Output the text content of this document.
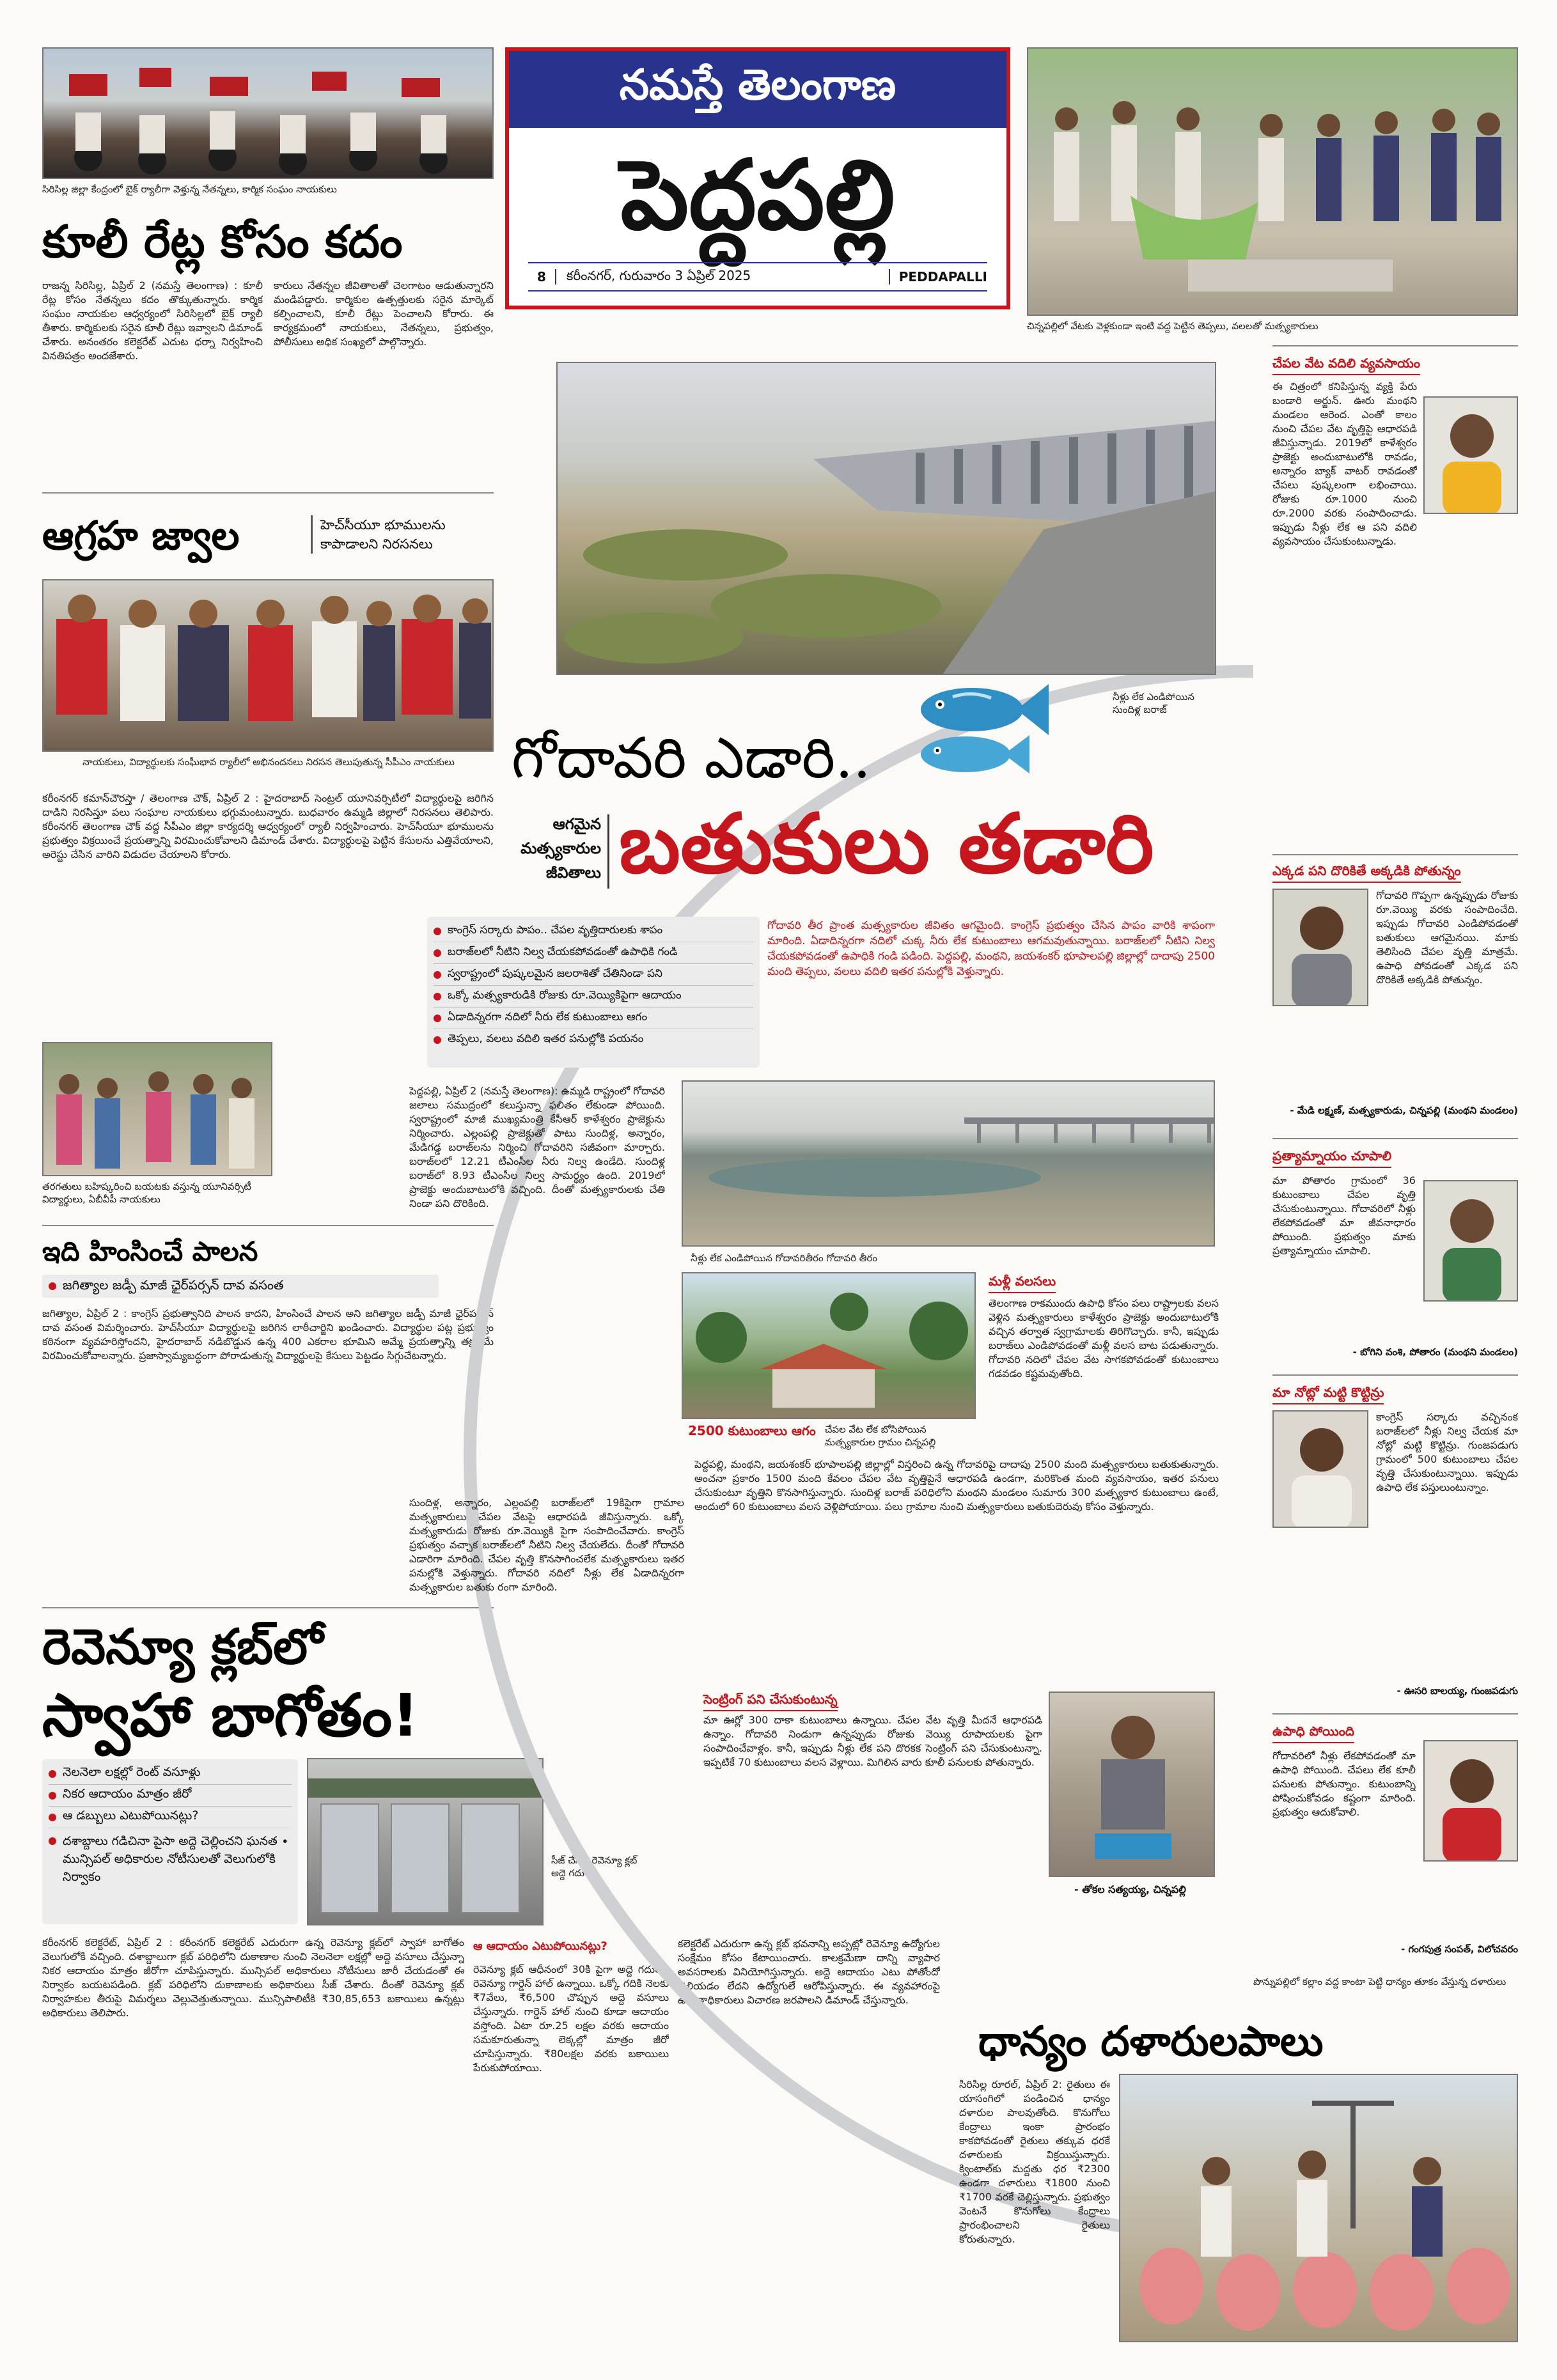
నమస్తే తెలంగాణ
పెద్దపల్లి
8	కరీంనగర్, గురువారం 3 ఏప్రిల్ 2025	PEDDAPALLI
సిరిసిల్ల జిల్లా కేంద్రంలో బైక్ ర్యాలీగా వెళ్తున్న నేతన్నలు, కార్మిక సంఘం నాయకులు
కూలీ రేట్ల కోసం కదం
రాజన్న సిరిసిల్ల, ఏప్రిల్ 2 (నమస్తే తెలంగాణ) : కూలీ రేట్ల కోసం నేతన్నలు కదం తొక్కుతున్నారు. కార్మిక సంఘం నాయకుల ఆధ్వర్యంలో సిరిసిల్లలో బైక్ ర్యాలీ తీశారు. కార్మికులకు సరైన కూలీ రేట్లు ఇవ్వాలని డిమాండ్ చేశారు. అనంతరం కలెక్టరేట్ ఎదుట ధర్నా నిర్వహించి వినతిపత్రం అందజేశారు.
కారులు నేతన్నల జీవితాలతో చెలగాటం ఆడుతున్నారని మండిపడ్డారు. కార్మికుల ఉత్పత్తులకు సరైన మార్కెట్ కల్పించాలని, కూలీ రేట్లు పెంచాలని కోరారు. ఈ కార్యక్రమంలో నాయకులు, నేతన్నలు, ప్రభుత్వం, పోలీసులు అధిక సంఖ్యలో పాల్గొన్నారు.
ఆగ్రహ జ్వాల	హెచ్‌సీయూ భూములను కాపాడాలని నిరసనలు
నాయకులు, విద్యార్థులకు సంఘీభావ ర్యాలీలో అభినందనలు నిరసన తెలుపుతున్న సీపీఎం నాయకులు
కరీంనగర్ కమాన్‌చౌరస్తా / తెలంగాణ చౌక్, ఏప్రిల్ 2 : హైదరాబాద్ సెంట్రల్ యూనివర్సిటీలో విద్యార్థులపై జరిగిన దాడిని నిరసిస్తూ పలు సంఘాల నాయకులు భగ్గుమంటున్నారు. బుధవారం ఉమ్మడి జిల్లాలో నిరసనలు తెలిపారు. కరీంనగర్ తెలంగాణ చౌక్ వద్ద సీపీఎం జిల్లా కార్యదర్శి ఆధ్వర్యంలో ర్యాలీ నిర్వహించారు. హెచ్‌సీయూ భూములను ప్రభుత్వం విక్రయించే ప్రయత్నాన్ని విరమించుకోవాలని డిమాండ్ చేశారు. విద్యార్థులపై పెట్టిన కేసులను ఎత్తివేయాలని, అరెస్టు చేసిన వారిని విడుదల చేయాలని కోరారు.
తరగతులు బహిష్కరించి బయటకు వస్తున్న యూనివర్సిటీ విద్యార్థులు, ఏబీవీపీ నాయకులు
ఇది హింసించే పాలన
జగిత్యాల జడ్పీ మాజీ ఛైర్‌పర్సన్ దావ వసంత
జగిత్యాల, ఏప్రిల్ 2 : కాంగ్రెస్ ప్రభుత్వానిది పాలన కాదని, హింసించే పాలన అని జగిత్యాల జడ్పీ మాజీ ఛైర్‌పర్సన్ దావ వసంత విమర్శించారు. హెచ్‌సీయూ విద్యార్థులపై జరిగిన లాఠీచార్జిని ఖండించారు. విద్యార్థుల పట్ల ప్రభుత్వం కఠినంగా వ్యవహరిస్తోందని, హైదరాబాద్ నడిబొడ్డున ఉన్న 400 ఎకరాల భూమిని అమ్మే ప్రయత్నాన్ని తక్షణమే విరమించుకోవాలన్నారు. ప్రజాస్వామ్యబద్ధంగా పోరాడుతున్న విద్యార్థులపై కేసులు పెట్టడం సిగ్గుచేటన్నారు.
రెవెన్యూ క్లబ్‌లో
స్వాహా బాగోతం!
నెలనెలా లక్షల్లో రెంట్ వసూళ్లు
నికర ఆదాయం మాత్రం జీరో
ఆ డబ్బులు ఎటుపోయినట్లు?
దశాబ్దాలు గడిచినా పైసా అద్దె చెల్లించని ఘనత ∙ మున్సిపల్ అధికారుల నోటీసులతో వెలుగులోకి నిర్వాకం
సీజ్ చేసిన రెవెన్యూ క్లబ్ అద్దె గదులు
కరీంనగర్ కలెక్టరేట్, ఏప్రిల్ 2 : కరీంనగర్ కలెక్టరేట్ ఎదురుగా ఉన్న రెవెన్యూ క్లబ్‌లో స్వాహా బాగోతం వెలుగులోకి వచ్చింది. దశాబ్దాలుగా క్లబ్ పరిధిలోని దుకాణాల నుంచి నెలనెలా లక్షల్లో అద్దె వసూలు చేస్తున్నా నికర ఆదాయం మాత్రం జీరోగా చూపిస్తున్నారు. మున్సిపల్ అధికారులు నోటీసులు జారీ చేయడంతో ఈ నిర్వాకం బయటపడింది. క్లబ్ పరిధిలోని దుకాణాలకు అధికారులు సీజ్ చేశారు. దీంతో రెవెన్యూ క్లబ్ నిర్వాహకుల తీరుపై విమర్శలు వెల్లువెత్తుతున్నాయి. మున్సిపాలిటీకి ₹30,85,653 బకాయిలు ఉన్నట్లు అధికారులు తెలిపారు.
ఆ ఆదాయం ఎటుపోయినట్లు?
రెవెన్యూ క్లబ్ ఆధీనంలో 30కి పైగా అద్దె గదులు, రెవెన్యూ గార్డెన్ హాల్ ఉన్నాయి. ఒక్కో గదికి నెలకు ₹7వేలు, ₹6,500 చొప్పున అద్దె వసూలు చేస్తున్నారు. గార్డెన్ హాల్ నుంచి కూడా ఆదాయం వస్తోంది. ఏటా రూ.25 లక్షల వరకు ఆదాయం సమకూరుతున్నా లెక్కల్లో మాత్రం జీరో చూపిస్తున్నారు. ₹80లక్షల వరకు బకాయిలు పేరుకుపోయాయి.
కలెక్టరేట్ ఎదురుగా ఉన్న క్లబ్ భవనాన్ని అప్పట్లో రెవెన్యూ ఉద్యోగుల సంక్షేమం కోసం కేటాయించారు. కాలక్రమేణా దాన్ని వ్యాపార అవసరాలకు వినియోగిస్తున్నారు. అద్దె ఆదాయం ఎటు పోతోందో తెలియడం లేదని ఉద్యోగులే ఆరోపిస్తున్నారు. ఈ వ్యవహారంపై ఉన్నతాధికారులు విచారణ జరపాలని డిమాండ్ చేస్తున్నారు.
నీళ్లు లేక ఎండిపోయిన సుందిళ్ల బరాజ్
గోదావరి ఎడారి..
ఆగమైన
మత్స్యకారుల
జీవితాలు బతుకులు తడారి
కాంగ్రెస్ సర్కారు పాపం.. చేపల వృత్తిదారులకు శాపం
బరాజ్‌లలో నీటిని నిల్వ చేయకపోవడంతో ఉపాధికి గండి
స్వరాష్ట్రంలో పుష్కలమైన జలరాశితో చేతినిండా పని
ఒక్కో మత్స్యకారుడికి రోజుకు రూ.వెయ్యికిపైగా ఆదాయం
ఏడాదిన్నరగా నదిలో నీరు లేక కుటుంబాలు ఆగం
తెప్పలు, వలలు వదిలి ఇతర పనుల్లోకి పయనం
గోదావరి తీర ప్రాంత మత్స్యకారుల జీవితం ఆగమైంది. కాంగ్రెస్ ప్రభుత్వం చేసిన పాపం వారికి శాపంగా మారింది. ఏడాదిన్నరగా నదిలో చుక్క నీరు లేక కుటుంబాలు ఆగమవుతున్నాయి. బరాజ్‌లలో నీటిని నిల్వ చేయకపోవడంతో ఉపాధికి గండి పడింది. పెద్దపల్లి, మంథని, జయశంకర్ భూపాలపల్లి జిల్లాల్లో దాదాపు 2500 మంది తెప్పలు, వలలు వదిలి ఇతర పనుల్లోకి వెళ్తున్నారు.
పెద్దపల్లి, ఏప్రిల్ 2 (నమస్తే తెలంగాణ): ఉమ్మడి రాష్ట్రంలో గోదావరి జలాలు సముద్రంలో కలుస్తున్నా ఫలితం లేకుండా పోయింది. స్వరాష్ట్రంలో మాజీ ముఖ్యమంత్రి కేసీఆర్ కాళేశ్వరం ప్రాజెక్టును నిర్మించారు. ఎల్లంపల్లి ప్రాజెక్టుతో పాటు సుందిళ్ల, అన్నారం, మేడిగడ్డ బరాజ్‌లను నిర్మించి గోదావరిని సజీవంగా మార్చారు. బరాజ్‌లలో 12.21 టీఎంసీల నీరు నిల్వ ఉండేది. సుందిళ్ల బరాజ్‌లో 8.93 టీఎంసీల నిల్వ సామర్థ్యం ఉంది. 2019లో ప్రాజెక్టు అందుబాటులోకి వచ్చింది. దీంతో మత్స్యకారులకు చేతి నిండా పని దొరికింది.
సుందిళ్ల, అన్నారం, ఎల్లంపల్లి బరాజ్‌లలో 19కిపైగా గ్రామాల మత్స్యకారులు చేపల వేటపై ఆధారపడి జీవిస్తున్నారు. ఒక్కో మత్స్యకారుడు రోజుకు రూ.వెయ్యికి పైగా సంపాదించేవారు. కాంగ్రెస్ ప్రభుత్వం వచ్చాక బరాజ్‌లలో నీటిని నిల్వ చేయలేదు. దీంతో గోదావరి ఎడారిగా మారింది. చేపల వృత్తి కొనసాగించలేక మత్స్యకారులు ఇతర పనుల్లోకి వెళ్తున్నారు. గోదావరి నదిలో నీళ్లు లేక ఏడాదిన్నరగా మత్స్యకారుల బతుకు రంగా మారింది.
నీళ్లు లేక ఎండిపోయిన గోదావరితీరం గోదావరి తీరం
2500 కుటుంబాలు ఆగం చేపల వేట లేక బోసిపోయిన మత్స్యకారుల గ్రామం చిన్నపల్లి
మళ్లీ వలసలు
తెలంగాణ రాకముందు ఉపాధి కోసం పలు రాష్ట్రాలకు వలస వెళ్లిన మత్స్యకారులు కాళేశ్వరం ప్రాజెక్టు అందుబాటులోకి వచ్చిన తర్వాత స్వగ్రామాలకు తిరిగొచ్చారు. కానీ, ఇప్పుడు బరాజ్‌లు ఎండిపోవడంతో మళ్లీ వలస బాట పడుతున్నారు. గోదావరి నదిలో చేపల వేట సాగకపోవడంతో కుటుంబాలు గడవడం కష్టమవుతోంది.
పెద్దపల్లి, మంథని, జయశంకర్ భూపాలపల్లి జిల్లాల్లో విస్తరించి ఉన్న గోదావరిపై దాదాపు 2500 మంది మత్స్యకారులు బతుకుతున్నారు. అంచనా ప్రకారం 1500 మంది కేవలం చేపల వేట వృత్తిపైనే ఆధారపడి ఉండగా, మరికొంత మంది వ్యవసాయం, ఇతర పనులు చేసుకుంటూ వృత్తిని కొనసాగిస్తున్నారు. సుందిళ్ల బరాజ్ పరిధిలోని మంథని మండలం సుమారు 300 మత్స్యకార కుటుంబాలు ఉంటే, అందులో 60 కుటుంబాలు వలస వెళ్లిపోయాయి. పలు గ్రామాల నుంచి మత్స్యకారులు బతుకుదెరువు కోసం వెళ్తున్నారు.
సెంట్రింగ్ పని చేసుకుంటున్న
మా ఊర్లో 300 దాకా కుటుంబాలు ఉన్నాయి. చేపల వేట వృత్తి మీదనే ఆధారపడి ఉన్నాం. గోదావరి నిండుగా ఉన్నప్పుడు రోజుకు వెయ్యి రూపాయలకు పైగా సంపాదించేవాళ్లం. కానీ, ఇప్పుడు నీళ్లు లేక పని దొరకక సెంట్రింగ్ పని చేసుకుంటున్నా. ఇప్పటికే 70 కుటుంబాలు వలస వెళ్లాయి. మిగిలిన వారు కూలీ పనులకు పోతున్నారు.
- తోకల సత్యయ్య, చిన్నపల్లి
చిన్నపల్లిలో వేటకు వెళ్లకుండా ఇంటి వద్ద పెట్టిన తెప్పలు, వలలతో మత్స్యకారులు
చేపల వేట వదిలి వ్యవసాయం
ఈ చిత్రంలో కనిపిస్తున్న వ్యక్తి పేరు బండారి అర్జున్. ఊరు మంథని మండలం ఆరెంద. ఎంతో కాలం నుంచి చేపల వేట వృత్తిపై ఆధారపడి జీవిస్తున్నాడు. 2019లో కాళేశ్వరం ప్రాజెక్టు అందుబాటులోకి రావడం, అన్నారం బ్యాక్ వాటర్ రావడంతో చేపలు పుష్కలంగా లభించాయి. రోజుకు రూ.1000 నుంచి రూ.2000 వరకు సంపాదించాడు. ఇప్పుడు నీళ్లు లేక ఆ పని వదిలి వ్యవసాయం చేసుకుంటున్నాడు.
ఎక్కడ పని దొరికితే అక్కడికి పోతున్నం
గోదావరి గొప్పగా ఉన్నప్పుడు రోజుకు రూ.వెయ్యి వరకు సంపాదించేది. ఇప్పుడు గోదావరి ఎండిపోవడంతో బతుకులు ఆగమైనయి. మాకు తెలిసింది చేపల వృత్తి మాత్రమే. ఉపాధి పోవడంతో ఎక్కడ పని దొరికితే అక్కడికి పోతున్నం.
- మేడి లక్ష్మణ్, మత్స్యకారుడు, చిన్నపల్లి (మంథని మండలం)
ప్రత్యామ్నాయం చూపాలి
మా పోతారం గ్రామంలో 36 కుటుంబాలు చేపల వృత్తి చేసుకుంటున్నాయి. గోదావరిలో నీళ్లు లేకపోవడంతో మా జీవనాధారం పోయింది. ప్రభుత్వం మాకు ప్రత్యామ్నాయం చూపాలి.
- బోగిని వంశి, పోతారం (మంథని మండలం)
మా నోట్లో మట్టి కొట్టిన్రు
కాంగ్రెస్ సర్కారు వచ్చినంక బరాజ్‌లలో నీళ్లు నిల్వ చేయక మా నోట్లో మట్టి కొట్టిన్రు. గుంజపడుగు గ్రామంలో 500 కుటుంబాలు చేపల వృత్తి చేసుకుంటున్నాయి. ఇప్పుడు ఉపాధి లేక పస్తులుంటున్నాం.
- ఊసరి బాలయ్య, గుంజపడుగు
ఉపాధి పోయింది
గోదావరిలో నీళ్లు లేకపోవడంతో మా ఉపాధి పోయింది. చేపలు లేక కూలీ పనులకు పోతున్నాం. కుటుంబాన్ని పోషించుకోవడం కష్టంగా మారింది. ప్రభుత్వం ఆదుకోవాలి.
- గంగపుత్ర సంపత్, విలోచవరం
పొన్నుపల్లిలో కల్లాం వద్ద కాంటా పెట్టి ధాన్యం తూకం వేస్తున్న దళారులు
ధాన్యం దళారులపాలు
సిరిసిల్ల రూరల్, ఏప్రిల్ 2: రైతులు ఈ యాసంగిలో పండించిన ధాన్యం దళారుల పాలవుతోంది. కొనుగోలు కేంద్రాలు ఇంకా ప్రారంభం కాకపోవడంతో రైతులు తక్కువ ధరకే దళారులకు విక్రయిస్తున్నారు. క్వింటాల్‌కు మద్దతు ధర ₹2300 ఉండగా దళారులు ₹1800 నుంచి ₹1700 వరకే చెల్లిస్తున్నారు. ప్రభుత్వం వెంటనే కొనుగోలు కేంద్రాలు ప్రారంభించాలని రైతులు కోరుతున్నారు.
